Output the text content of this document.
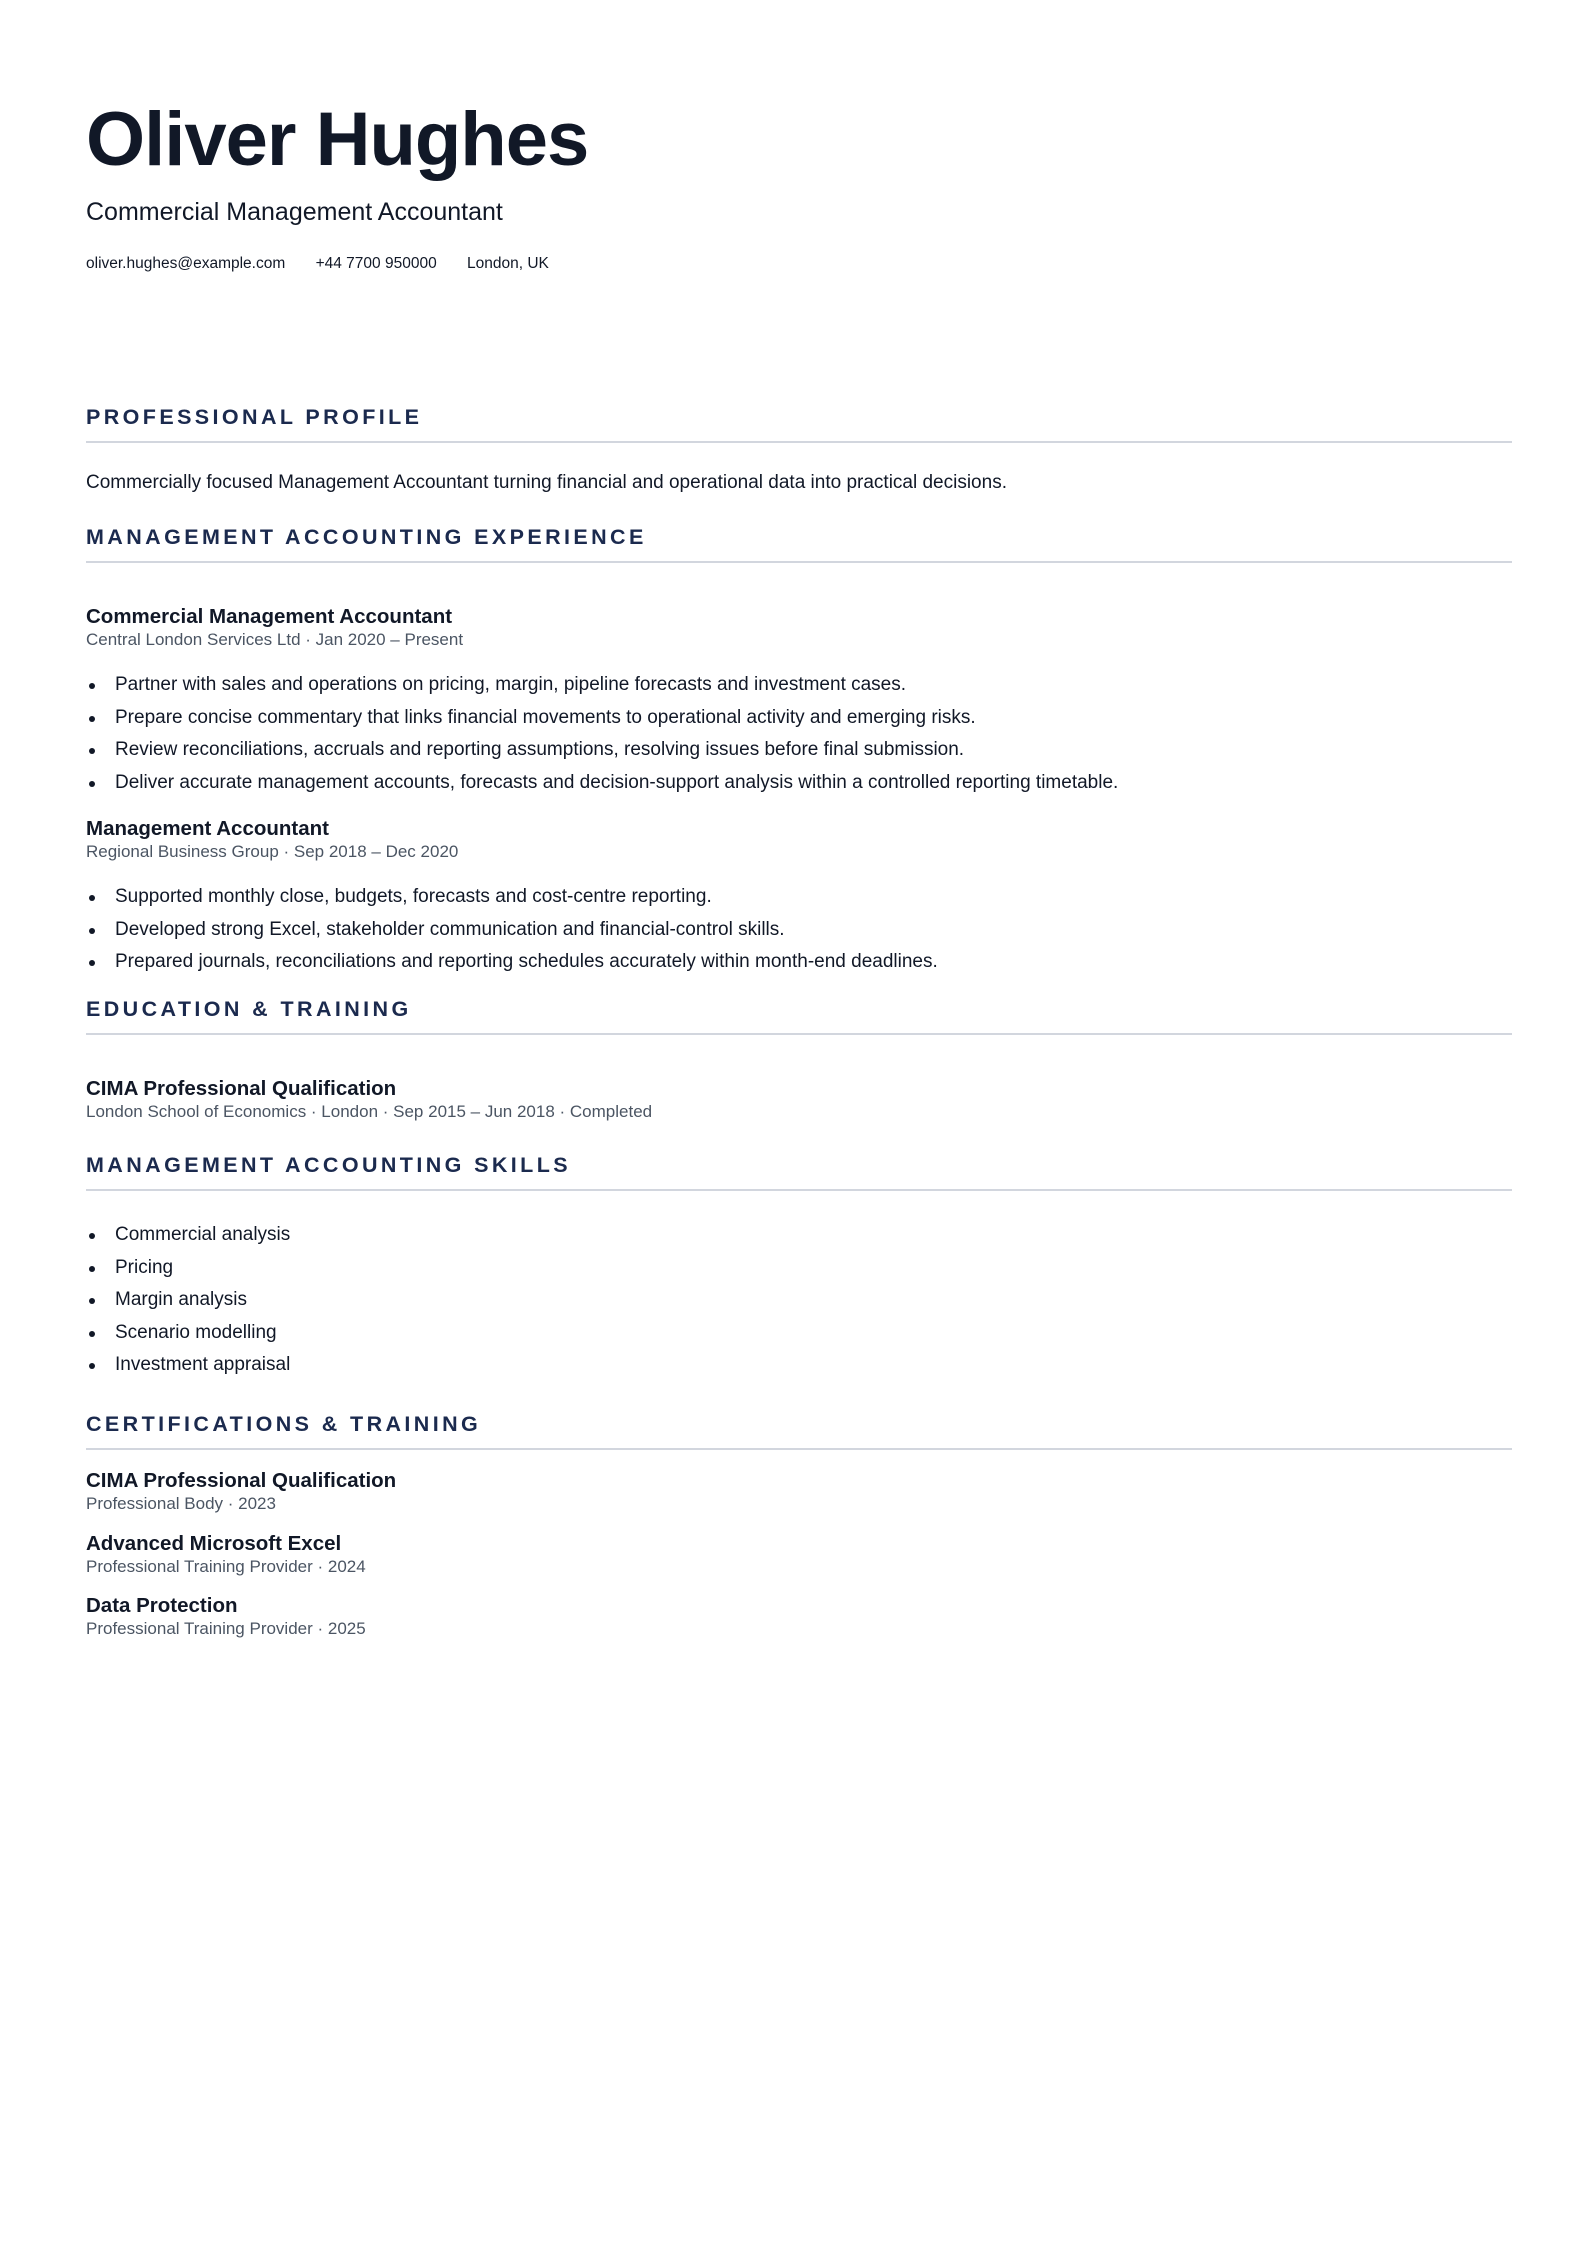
Oliver Hughes
Commercial Management Accountant
oliver.hughes@example.com +44 7700 950000 London, UK
PROFESSIONAL PROFILE
Commercially focused Management Accountant turning financial and operational data into practical decisions.
MANAGEMENT ACCOUNTING EXPERIENCE
Commercial Management Accountant
Central London Services Ltd · Jan 2020 – Present
Partner with sales and operations on pricing, margin, pipeline forecasts and investment cases.
Prepare concise commentary that links financial movements to operational activity and emerging risks.
Review reconciliations, accruals and reporting assumptions, resolving issues before final submission.
Deliver accurate management accounts, forecasts and decision-support analysis within a controlled reporting timetable.
Management Accountant
Regional Business Group · Sep 2018 – Dec 2020
Supported monthly close, budgets, forecasts and cost-centre reporting.
Developed strong Excel, stakeholder communication and financial-control skills.
Prepared journals, reconciliations and reporting schedules accurately within month-end deadlines.
EDUCATION & TRAINING
CIMA Professional Qualification
London School of Economics · London · Sep 2015 – Jun 2018 · Completed
MANAGEMENT ACCOUNTING SKILLS
Commercial analysis
Pricing
Margin analysis
Scenario modelling
Investment appraisal
CERTIFICATIONS & TRAINING
CIMA Professional Qualification
Professional Body · 2023
Advanced Microsoft Excel
Professional Training Provider · 2024
Data Protection
Professional Training Provider · 2025
